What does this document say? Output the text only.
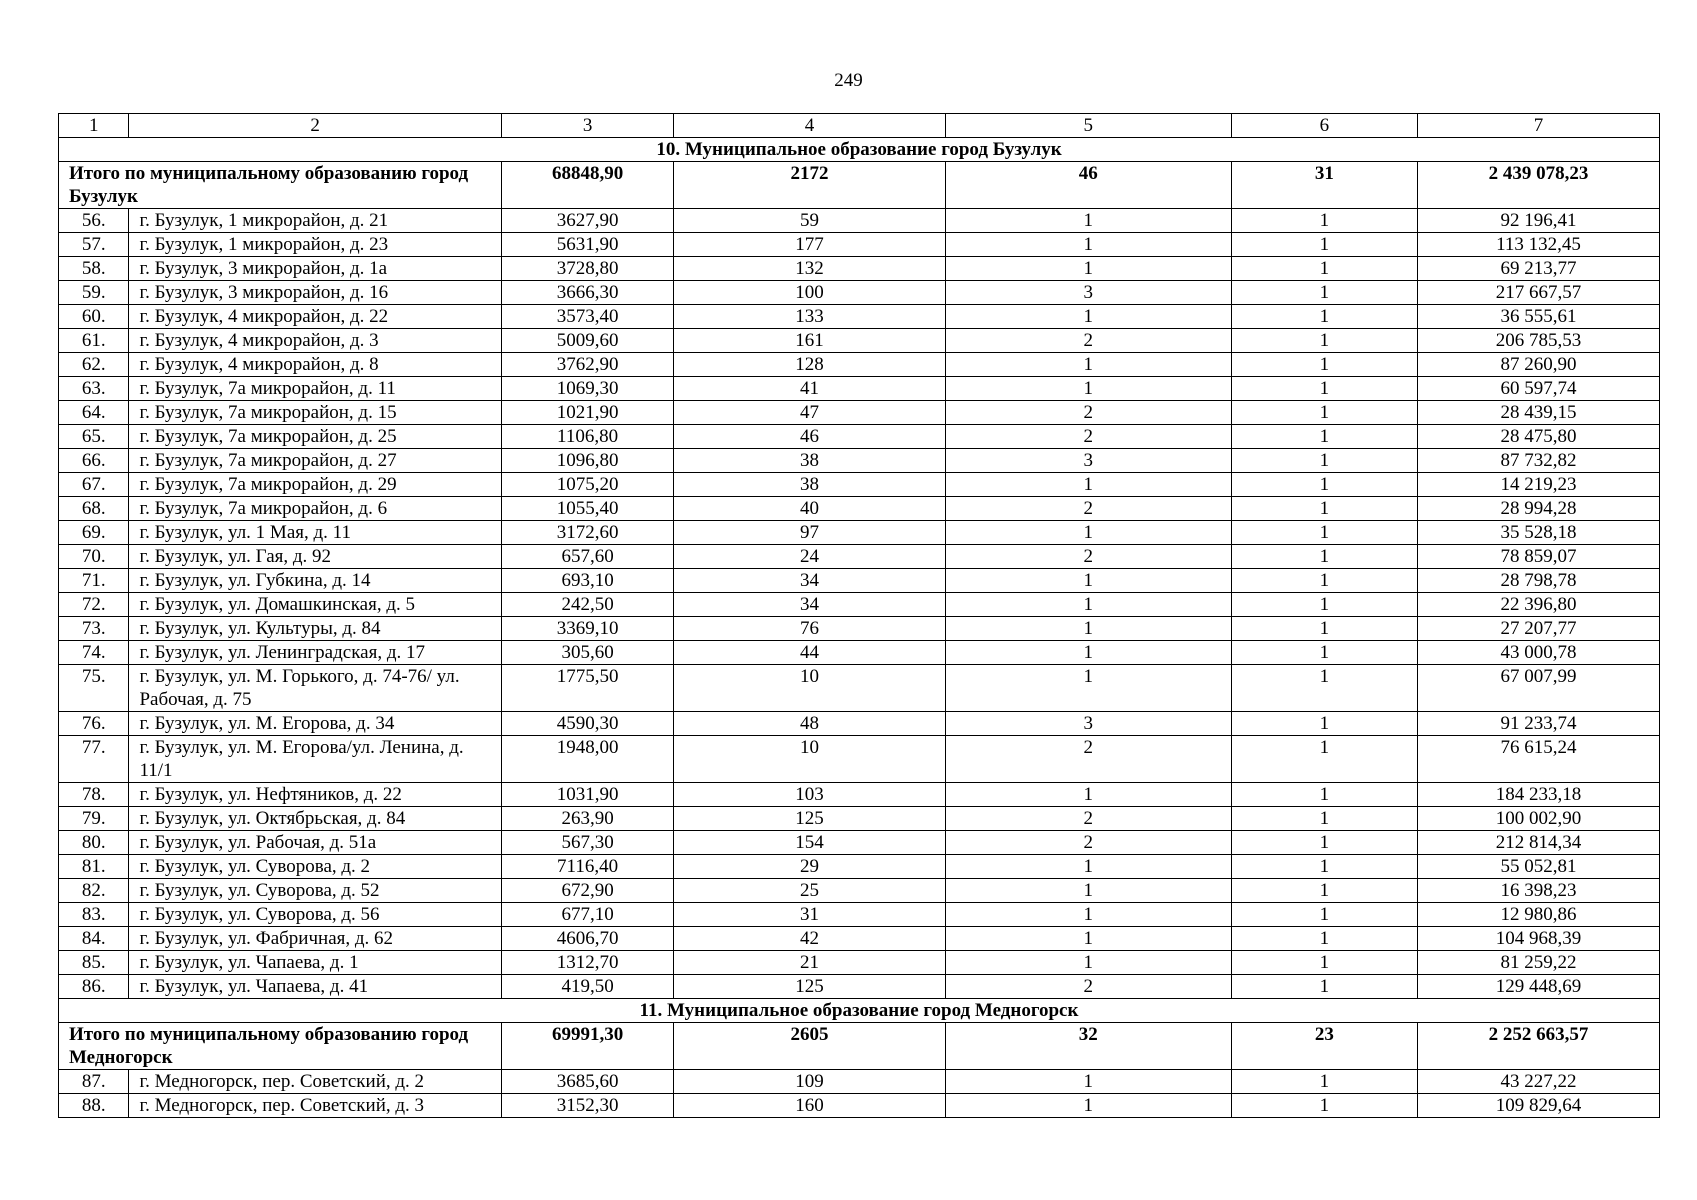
249
1	2	3	4	5	6	7
10. Муниципальное образование город Бузулук						
Итого по муниципальному образованию город Бузулук		68848,90	2172	46	31	2 439 078,23
56.	г. Бузулук, 1 микрорайон, д. 21	3627,90	59	1	1	92 196,41
57.	г. Бузулук, 1 микрорайон, д. 23	5631,90	177	1	1	113 132,45
58.	г. Бузулук, 3 микрорайон, д. 1а	3728,80	132	1	1	69 213,77
59.	г. Бузулук, 3 микрорайон, д. 16	3666,30	100	3	1	217 667,57
60.	г. Бузулук, 4 микрорайон, д. 22	3573,40	133	1	1	36 555,61
61.	г. Бузулук, 4 микрорайон, д. 3	5009,60	161	2	1	206 785,53
62.	г. Бузулук, 4 микрорайон, д. 8	3762,90	128	1	1	87 260,90
63.	г. Бузулук, 7а микрорайон, д. 11	1069,30	41	1	1	60 597,74
64.	г. Бузулук, 7а микрорайон, д. 15	1021,90	47	2	1	28 439,15
65.	г. Бузулук, 7а микрорайон, д. 25	1106,80	46	2	1	28 475,80
66.	г. Бузулук, 7а микрорайон, д. 27	1096,80	38	3	1	87 732,82
67.	г. Бузулук, 7а микрорайон, д. 29	1075,20	38	1	1	14 219,23
68.	г. Бузулук, 7а микрорайон, д. 6	1055,40	40	2	1	28 994,28
69.	г. Бузулук, ул. 1 Мая, д. 11	3172,60	97	1	1	35 528,18
70.	г. Бузулук, ул. Гая, д. 92	657,60	24	2	1	78 859,07
71.	г. Бузулук, ул. Губкина, д. 14	693,10	34	1	1	28 798,78
72.	г. Бузулук, ул. Домашкинская, д. 5	242,50	34	1	1	22 396,80
73.	г. Бузулук, ул. Культуры, д. 84	3369,10	76	1	1	27 207,77
74.	г. Бузулук, ул. Ленинградская, д. 17	305,60	44	1	1	43 000,78
75.	г. Бузулук, ул. М. Горького, д. 74-76/ ул. Рабочая, д. 75	1775,50	10	1	1	67 007,99
76.	г. Бузулук, ул. М. Егорова, д. 34	4590,30	48	3	1	91 233,74
77.	г. Бузулук, ул. М. Егорова/ул. Ленина, д. 11/1	1948,00	10	2	1	76 615,24
78.	г. Бузулук, ул. Нефтяников, д. 22	1031,90	103	1	1	184 233,18
79.	г. Бузулук, ул. Октябрьская, д. 84	263,90	125	2	1	100 002,90
80.	г. Бузулук, ул. Рабочая, д. 51а	567,30	154	2	1	212 814,34
81.	г. Бузулук, ул. Суворова, д. 2	7116,40	29	1	1	55 052,81
82.	г. Бузулук, ул. Суворова, д. 52	672,90	25	1	1	16 398,23
83.	г. Бузулук, ул. Суворова, д. 56	677,10	31	1	1	12 980,86
84.	г. Бузулук, ул. Фабричная, д. 62	4606,70	42	1	1	104 968,39
85.	г. Бузулук, ул. Чапаева, д. 1	1312,70	21	1	1	81 259,22
86.	г. Бузулук, ул. Чапаева, д. 41	419,50	125	2	1	129 448,69
11. Муниципальное образование город Медногорск						
Итого по муниципальному образованию город Медногорск		69991,30	2605	32	23	2 252 663,57
87.	г. Медногорск, пер. Советский, д. 2	3685,60	109	1	1	43 227,22
88.	г. Медногорск, пер. Советский, д. 3	3152,30	160	1	1	109 829,64
